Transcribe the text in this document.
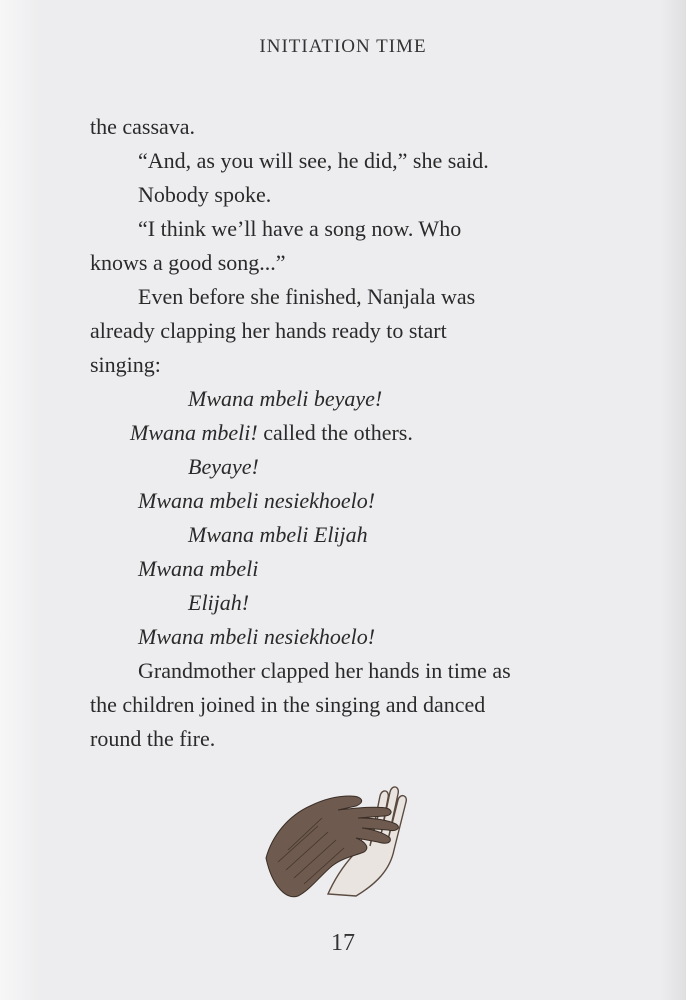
INITIATION TIME
the cassava.
“And, as you will see, he did,” she said.
Nobody spoke.
“I think we’ll have a song now. Who
knows a good song...”
Even before she finished, Nanjala was
already clapping her hands ready to start
singing:
Mwana mbeli beyaye!
Mwana mbeli! called the others.
Beyaye!
Mwana mbeli nesiekhoelo!
Mwana mbeli Elijah
Mwana mbeli
Elijah!
Mwana mbeli nesiekhoelo!
Grandmother clapped her hands in time as
the children joined in the singing and danced
round the fire.
17
